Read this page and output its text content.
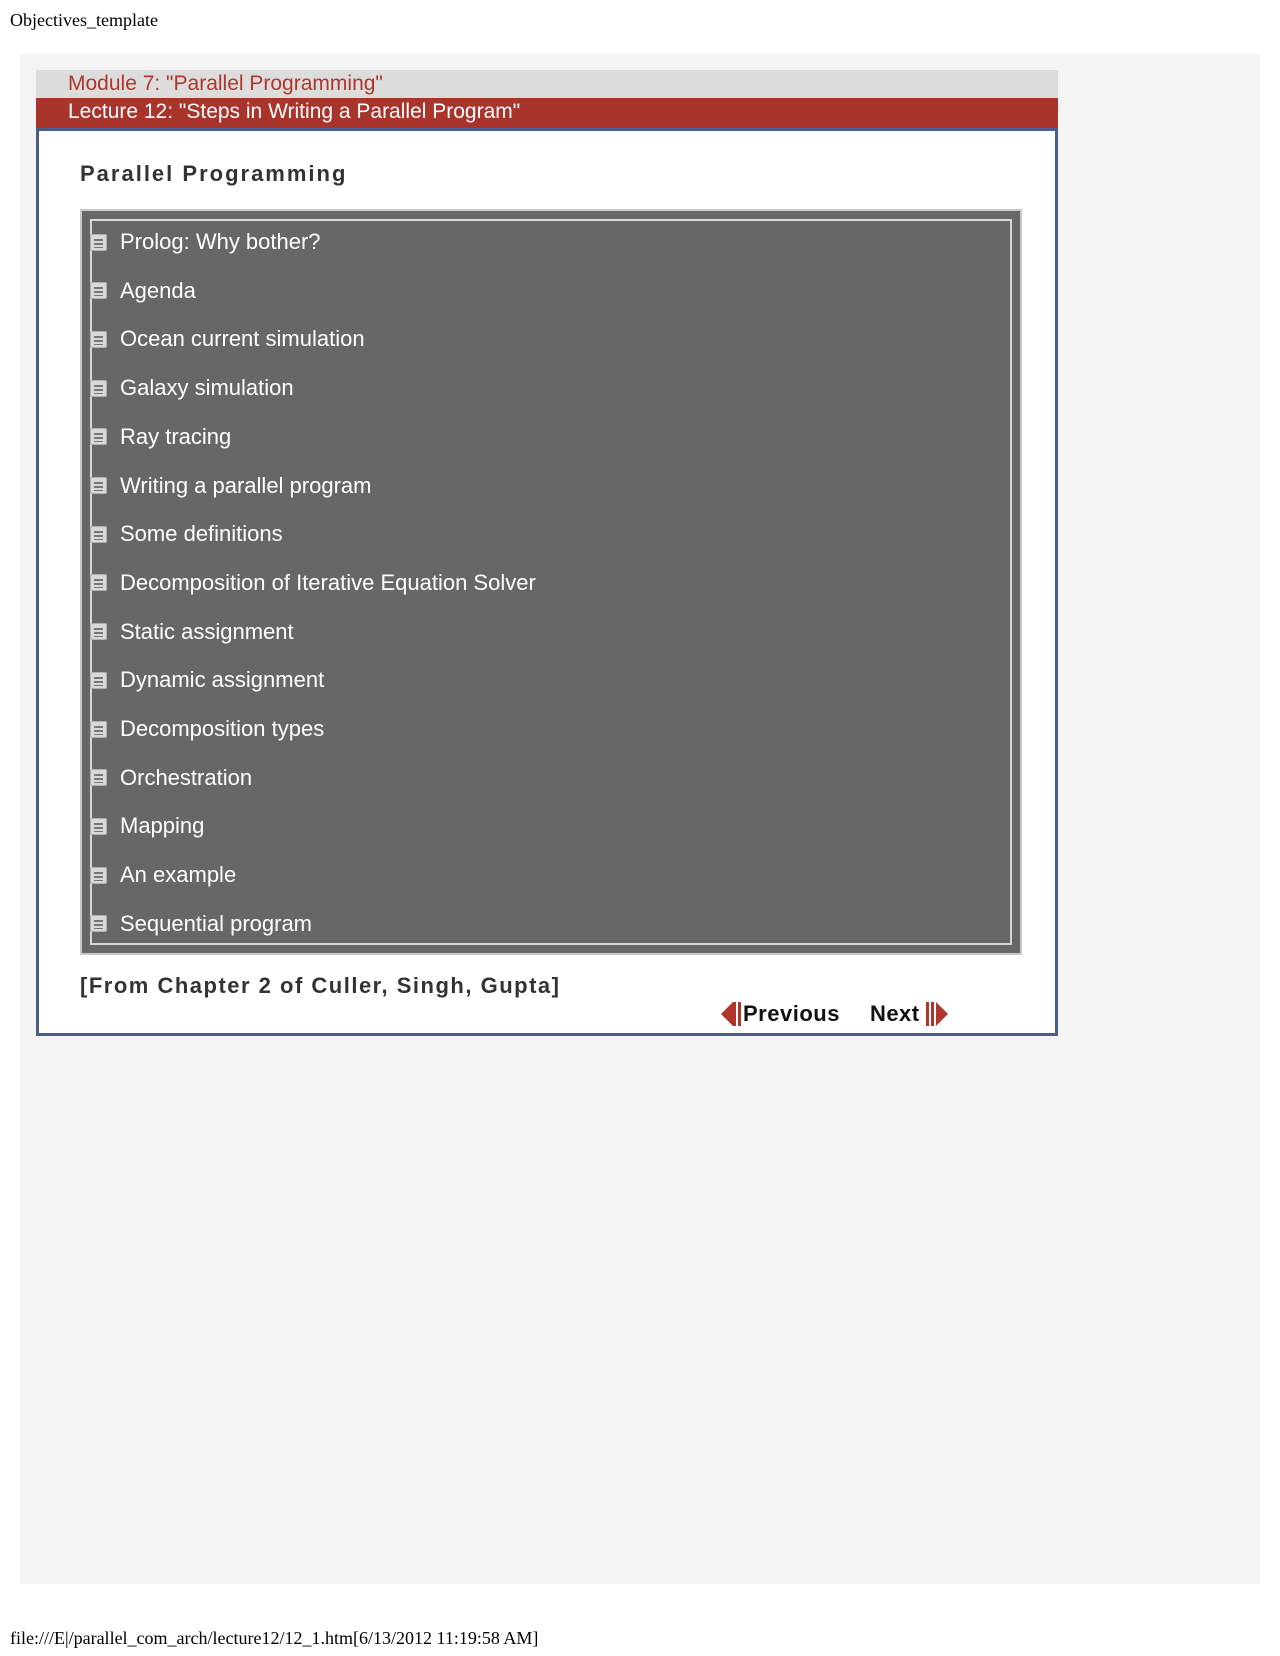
Objectives_template
Module 7: "Parallel Programming"
Lecture 12: "Steps in Writing a Parallel Program"
Parallel Programming
Prolog: Why bother?
Agenda
Ocean current simulation
Galaxy simulation
Ray tracing
Writing a parallel program
Some definitions
Decomposition of Iterative Equation Solver
Static assignment
Dynamic assignment
Decomposition types
Orchestration
Mapping
An example
Sequential program
[From Chapter 2 of Culler, Singh, Gupta]
Previous Next
file:///E|/parallel_com_arch/lecture12/12_1.htm[6/13/2012 11:19:58 AM]
